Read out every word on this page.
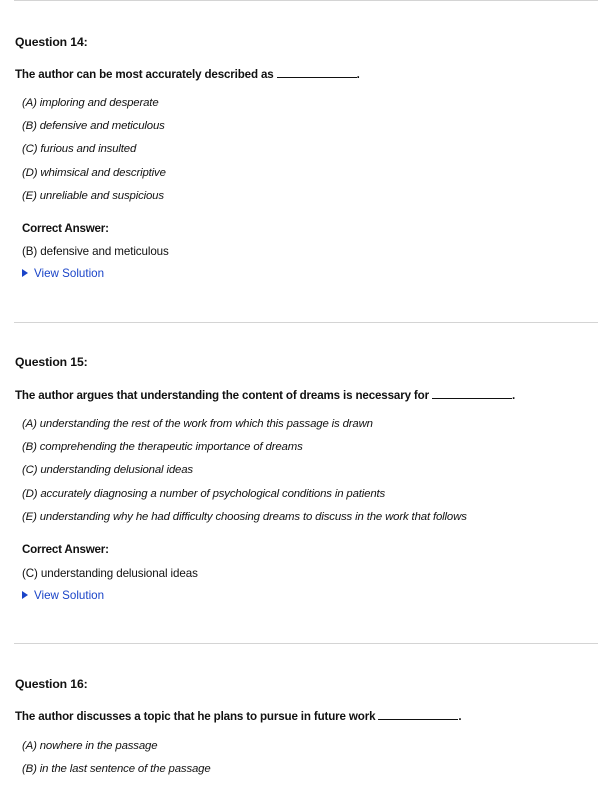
Question 14:

The author can be most accurately described as	.
(A) imploring and desperate
(B) defensive and meticulous
(C) furious and insulted
(D) whimsical and descriptive
(E) unreliable and suspicious
Correct Answer:
(B) defensive and meticulous
View Solution

Question 15:

The author argues that understanding the content of dreams is necessary for	.
(A) understanding the rest of the work from which this passage is drawn
(B) comprehending the therapeutic importance of dreams
(C) understanding delusional ideas
(D) accurately diagnosing a number of psychological conditions in patients
(E) understanding why he had difficulty choosing dreams to discuss in the work that follows
Correct Answer:
(C) understanding delusional ideas
View Solution

Question 16:

The author discusses a topic that he plans to pursue in future work	.
(A) nowhere in the passage
(B) in the last sentence of the passage
